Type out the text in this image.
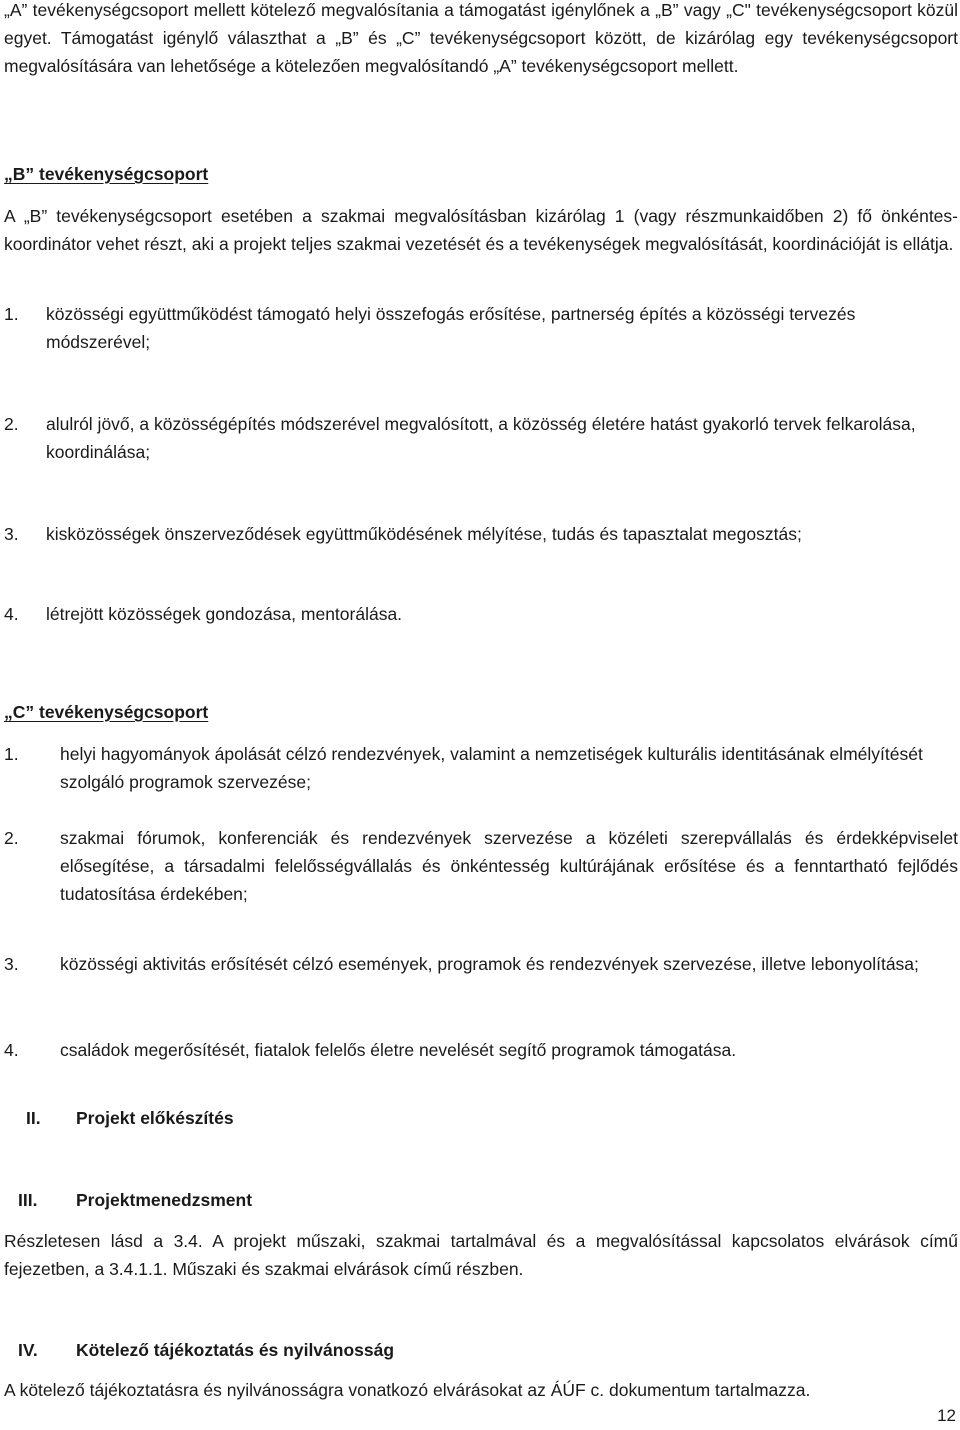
„A” tevékenységcsoport mellett kötelező megvalósítania a támogatást igénylőnek a „B” vagy „C" tevékenységcsoport közül egyet. Támogatást igénylő választhat a „B” és „C” tevékenységcsoport között, de kizárólag egy tevékenységcsoport megvalósítására van lehetősége a kötelezően megvalósítandó „A” tevékenységcsoport mellett.

„B” tevékenységcsoport

A „B” tevékenységcsoport esetében a szakmai megvalósításban kizárólag 1 (vagy részmunkaidőben 2) fő önkéntes-koordinátor vehet részt, aki a projekt teljes szakmai vezetését és a tevékenységek megvalósítását, koordinációját is ellátja.

1.	közösségi együttműködést támogató helyi összefogás erősítése, partnerség építés a közösségi tervezés módszerével;
2.	alulról jövő, a közösségépítés módszerével megvalósított, a közösség életére hatást gyakorló tervek felkarolása, koordinálása;
3.	kisközösségek önszerveződések együttműködésének mélyítése, tudás és tapasztalat megosztás;
4.	létrejött közösségek gondozása, mentorálása.
„C” tevékenységcsoport
1.	helyi hagyományok ápolását célzó rendezvények, valamint a nemzetiségek kulturális identitásának elmélyítését szolgáló programok szervezése;
2.	szakmai fórumok, konferenciák és rendezvények szervezése a közéleti szerepvállalás és érdekképviselet elősegítése, a társadalmi felelősségvállalás és önkéntesség kultúrájának erősítése és a fenntartható fejlődés tudatosítása érdekében;
3.	közösségi aktivitás erősítését célzó események, programok és rendezvények szervezése, illetve lebonyolítása;
4.	családok megerősítését, fiatalok felelős életre nevelését segítő programok támogatása.
II.	Projekt előkészítés
III.	Projektmenedzsment

Részletesen lásd a 3.4. A projekt műszaki, szakmai tartalmával és a megvalósítással kapcsolatos elvárások című fejezetben, a 3.4.1.1. Műszaki és szakmai elvárások című részben.

IV.	Kötelező tájékoztatás és nyilvánosság

A kötelező tájékoztatásra és nyilvánosságra vonatkozó elvárásokat az ÁÚF c. dokumentum tartalmazza.

12
